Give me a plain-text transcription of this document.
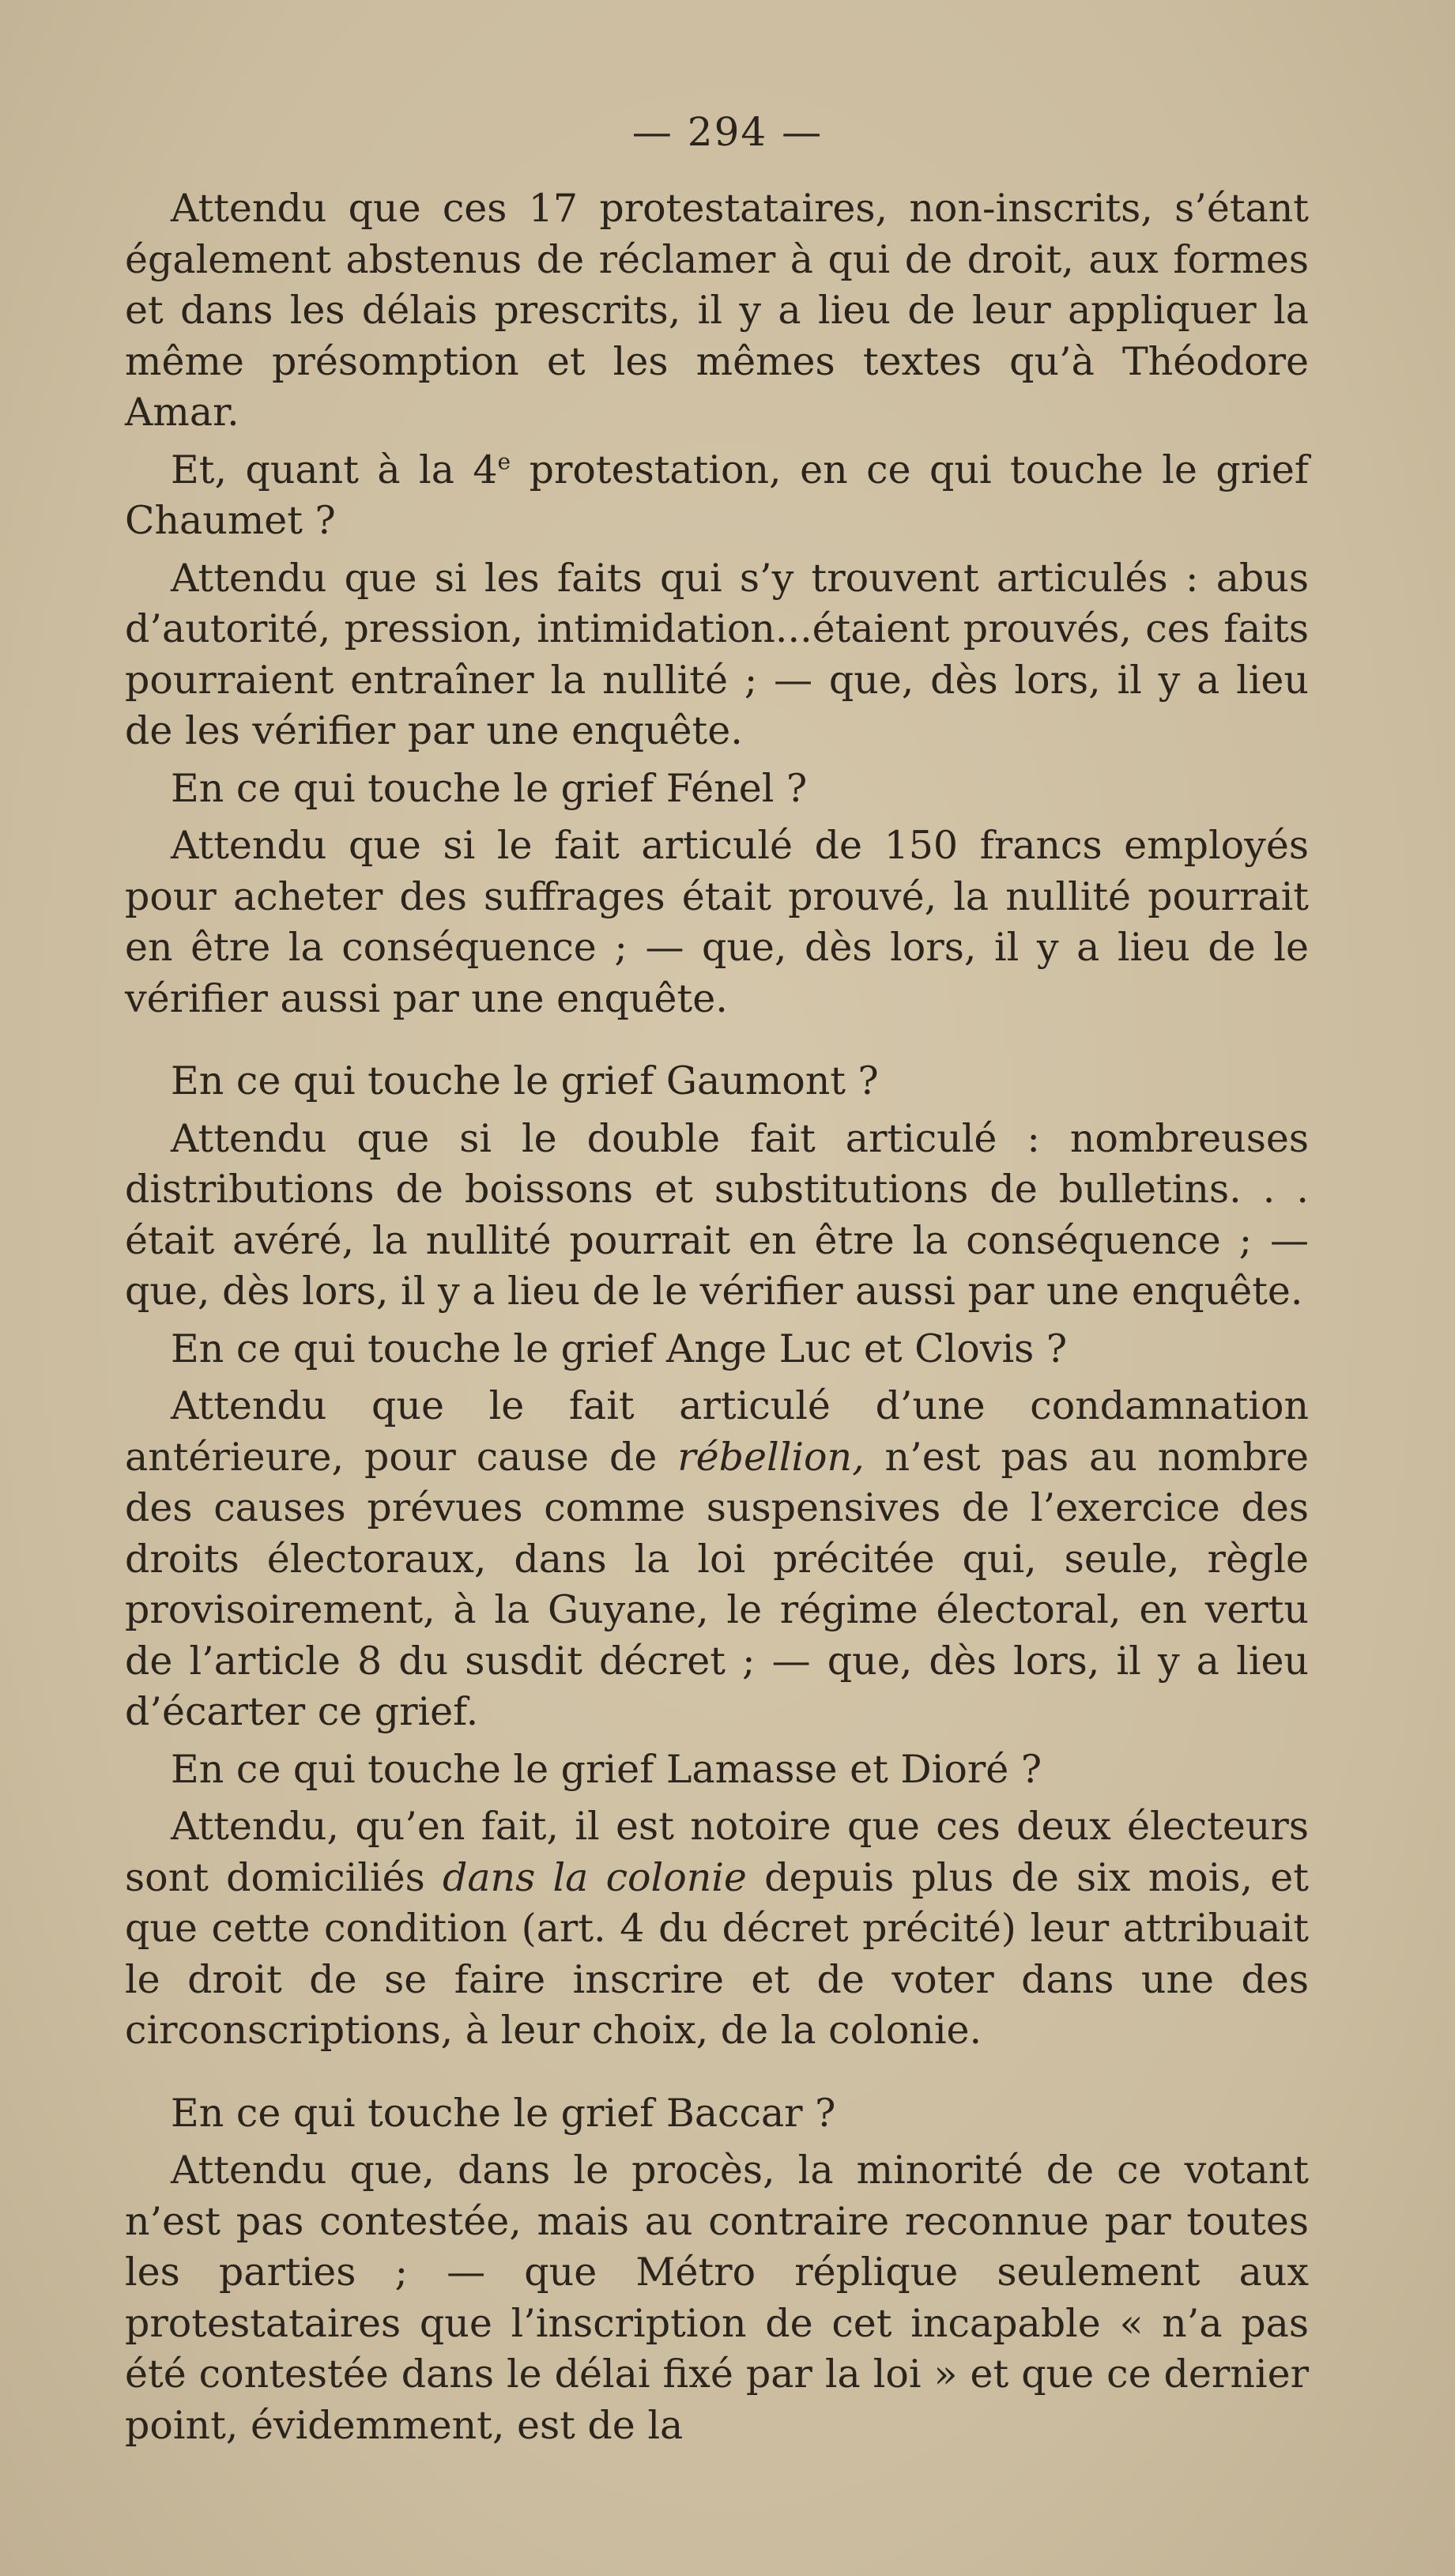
— 294 —

Attendu que ces 17 protestataires, non-inscrits, s’étant également abstenus de réclamer à qui de droit, aux formes et dans les délais prescrits, il y a lieu de leur appliquer la même présomption et les mêmes textes qu’à Théodore Amar.

Et, quant à la 4e protestation, en ce qui touche le grief Chaumet ?

Attendu que si les faits qui s’y trouvent articulés : abus d’autorité, pression, intimidation...étaient prouvés, ces faits pourraient entraîner la nullité ; — que, dès lors, il y a lieu de les vérifier par une enquête.

En ce qui touche le grief Fénel ?

Attendu que si le fait articulé de 150 francs employés pour acheter des suffrages était prouvé, la nullité pourrait en être la conséquence ; — que, dès lors, il y a lieu de le vérifier aussi par une enquête.

En ce qui touche le grief Gaumont ?

Attendu que si le double fait articulé : nombreuses distributions de boissons et substitutions de bulletins. . . était avéré, la nullité pourrait en être la conséquence ; — que, dès lors, il y a lieu de le vérifier aussi par une enquête.

En ce qui touche le grief Ange Luc et Clovis ?

Attendu que le fait articulé d’une condamnation antérieure, pour cause de rébellion, n’est pas au nombre des causes prévues comme suspensives de l’exercice des droits électoraux, dans la loi précitée qui, seule, règle provisoirement, à la Guyane, le régime électoral, en vertu de l’article 8 du susdit décret ; — que, dès lors, il y a lieu d’écarter ce grief.

En ce qui touche le grief Lamasse et Dioré ?

Attendu, qu’en fait, il est notoire que ces deux électeurs sont domiciliés dans la colonie depuis plus de six mois, et que cette condition (art. 4 du décret précité) leur attribuait le droit de se faire inscrire et de voter dans une des circonscriptions, à leur choix, de la colonie.

En ce qui touche le grief Baccar ?

Attendu que, dans le procès, la minorité de ce votant n’est pas contestée, mais au contraire reconnue par toutes les parties ; — que Métro réplique seulement aux protestataires que l’inscription de cet incapable « n’a pas été contestée dans le délai fixé par la loi » et que ce dernier point, évidemment, est de la
